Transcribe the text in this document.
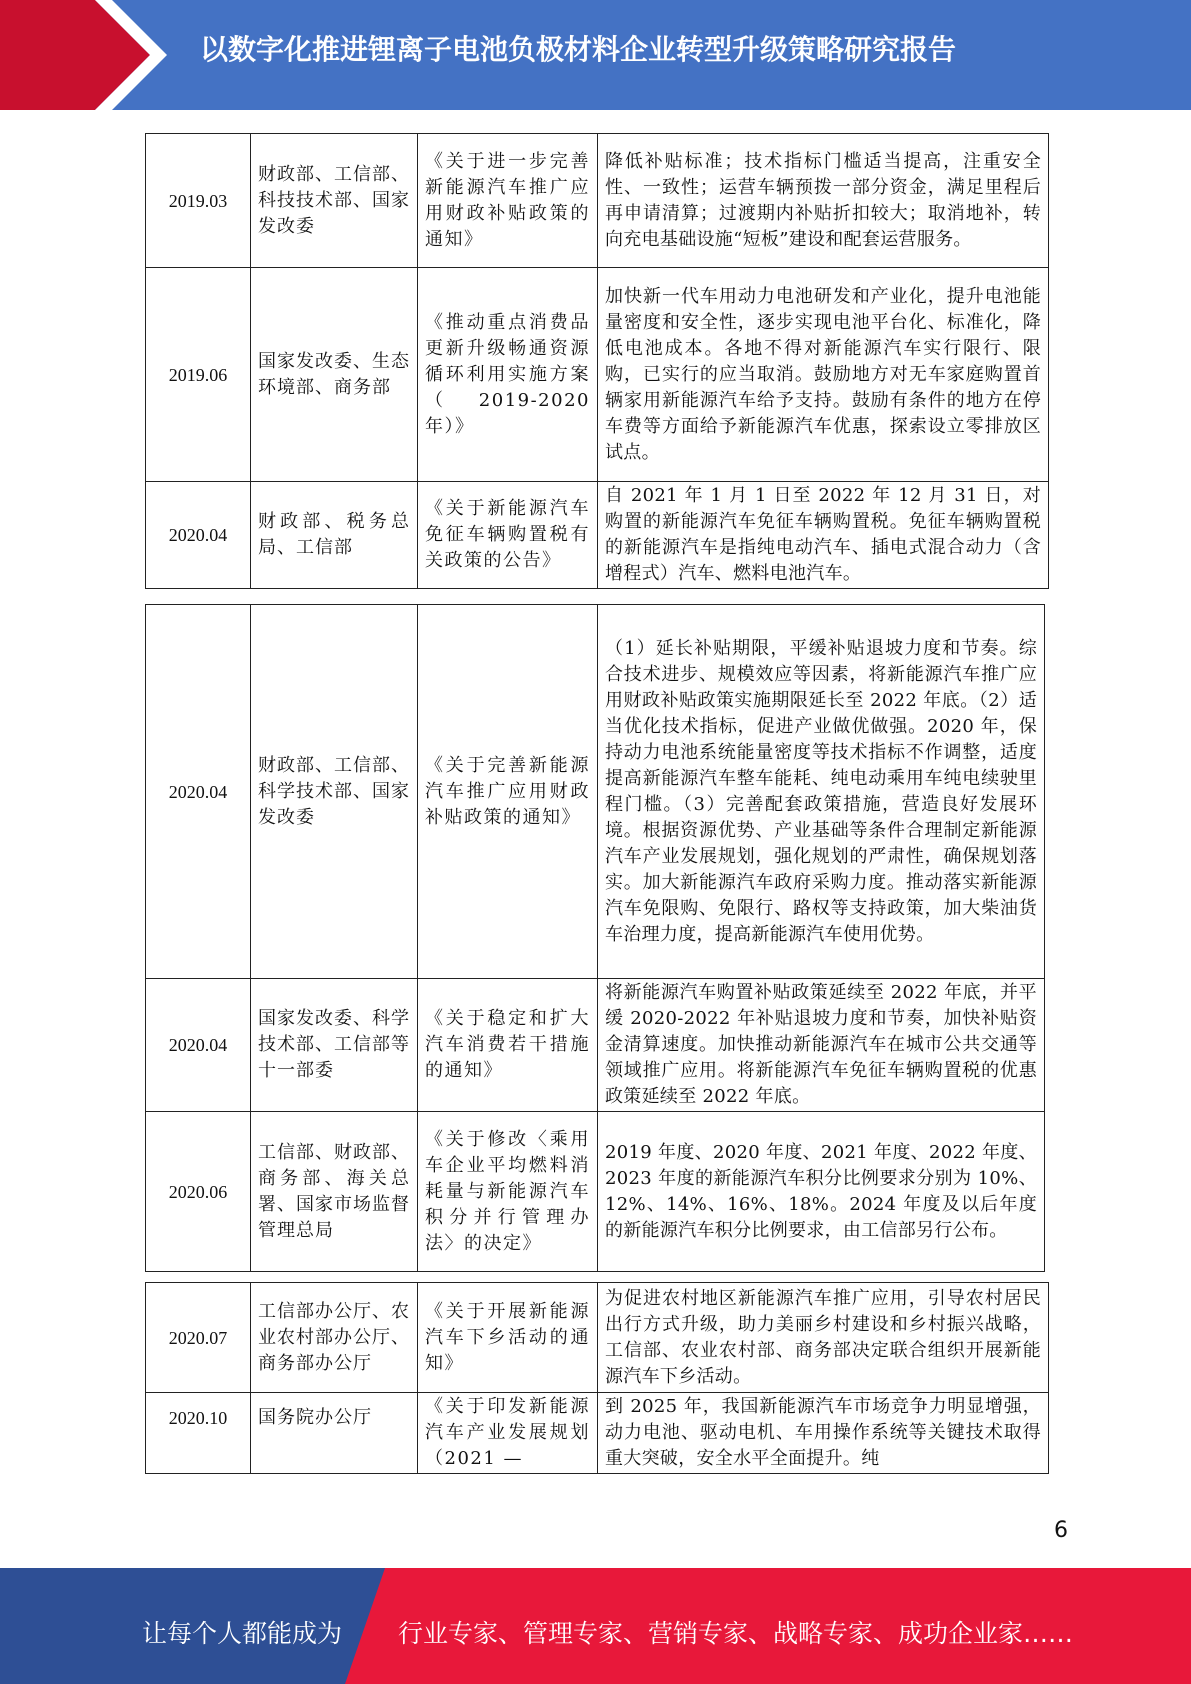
以数字化推进锂离子电池负极材料企业转型升级策略研究报告
2019.03	财政部、工信部、科技技术部、国家发改委	《关于进一步完善新能源汽车推广应用财政补贴政策的通知》	降低补贴标准；技术指标门槛适当提高，注重安全性、一致性；运营车辆预拨一部分资金，满足里程后再申请清算；过渡期内补贴折扣较大；取消地补，转向充电基础设施“短板”建设和配套运营服务。
2019.06	国家发改委、生态环境部、商务部	《推动重点消费品更新升级畅通资源循环利用实施方案（2019-2020年）》	加快新一代车用动力电池研发和产业化，提升电池能量密度和安全性，逐步实现电池平台化、标准化，降低电池成本。各地不得对新能源汽车实行限行、限购，已实行的应当取消。鼓励地方对无车家庭购置首辆家用新能源汽车给予支持。鼓励有条件的地方在停车费等方面给予新能源汽车优惠，探索设立零排放区试点。
2020.04	财政部、税务总局、工信部	《关于新能源汽车免征车辆购置税有关政策的公告》	自 2021 年 1 月 1 日至 2022 年 12 月 31 日，对购置的新能源汽车免征车辆购置税。免征车辆购置税的新能源汽车是指纯电动汽车、插电式混合动力（含增程式）汽车、燃料电池汽车。
2020.04	财政部、工信部、科学技术部、国家发改委	《关于完善新能源汽车推广应用财政补贴政策的通知》	（1）延长补贴期限，平缓补贴退坡力度和节奏。综合技术进步、规模效应等因素，将新能源汽车推广应用财政补贴政策实施期限延长至 2022 年底。（2）适当优化技术指标，促进产业做优做强。2020 年，保持动力电池系统能量密度等技术指标不作调整，适度提高新能源汽车整车能耗、纯电动乘用车纯电续驶里程门槛。（3）完善配套政策措施，营造良好发展环境。根据资源优势、产业基础等条件合理制定新能源汽车产业发展规划，强化规划的严肃性，确保规划落实。加大新能源汽车政府采购力度。推动落实新能源汽车免限购、免限行、路权等支持政策，加大柴油货车治理力度，提高新能源汽车使用优势。
2020.04	国家发改委、科学技术部、工信部等十一部委	《关于稳定和扩大汽车消费若干措施的通知》	将新能源汽车购置补贴政策延续至 2022 年底，并平缓 2020-2022 年补贴退坡力度和节奏，加快补贴资金清算速度。加快推动新能源汽车在城市公共交通等领域推广应用。将新能源汽车免征车辆购置税的优惠政策延续至 2022 年底。
2020.06	工信部、财政部、商务部、海关总署、国家市场监督管理总局	《关于修改〈乘用车企业平均燃料消耗量与新能源汽车积分并行管理办法〉的决定》	2019 年度、2020 年度、2021 年度、2022 年度、2023 年度的新能源汽车积分比例要求分别为 10%、12%、14%、16%、18%。2024 年度及以后年度的新能源汽车积分比例要求，由工信部另行公布。
2020.07	工信部办公厅、农业农村部办公厅、商务部办公厅	《关于开展新能源汽车下乡活动的通知》	为促进农村地区新能源汽车推广应用，引导农村居民出行方式升级，助力美丽乡村建设和乡村振兴战略，工信部、农业农村部、商务部决定联合组织开展新能源汽车下乡活动。
2020.10	国务院办公厅	《关于印发新能源汽车产业发展规划（2021 —	到 2025 年，我国新能源汽车市场竞争力明显增强，动力电池、驱动电机、车用操作系统等关键技术取得重大突破，安全水平全面提升。纯
6
让每个人都能成为 行业专家、管理专家、营销专家、战略专家、成功企业家……
